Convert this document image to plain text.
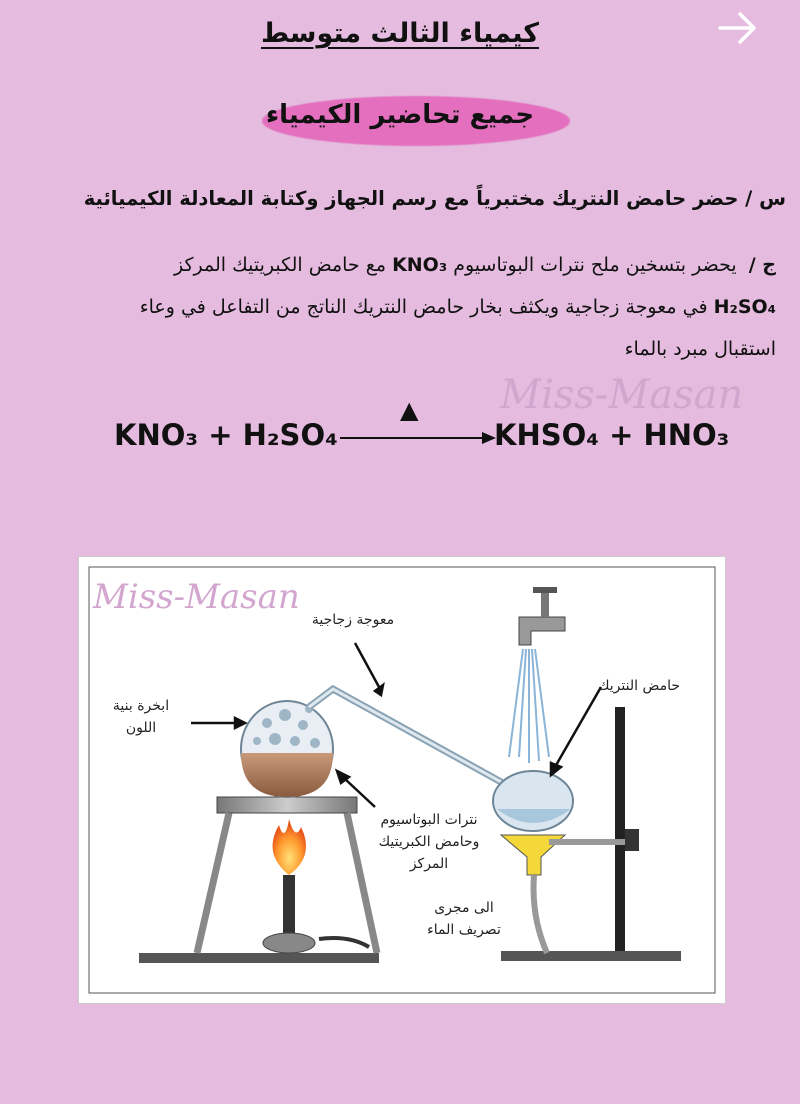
كيمياء الثالث متوسط
جميع تحاضير الكيمياء
س / حضر حامض النتريك مختبرياً مع رسم الجهاز وكتابة المعادلة الكيميائية
ج /  يحضر بتسخين ملح نترات البوتاسيوم KNO₃ مع حامض الكبريتيك المركز
H₂SO₄ في معوجة زجاجية ويكثف بخار حامض النتريك الناتج من التفاعل في وعاء
استقبال مبرد بالماء
Miss-Masan
KNO₃ + H₂SO₄
▲
KHSO₄ + HNO₃
Miss-Masan
معوجة زجاجية
ابخرة بنية
اللون
حامض النتريك
نترات البوتاسيوم
وحامض الكبريتيك
المركز
الى مجرى
تصريف الماء
